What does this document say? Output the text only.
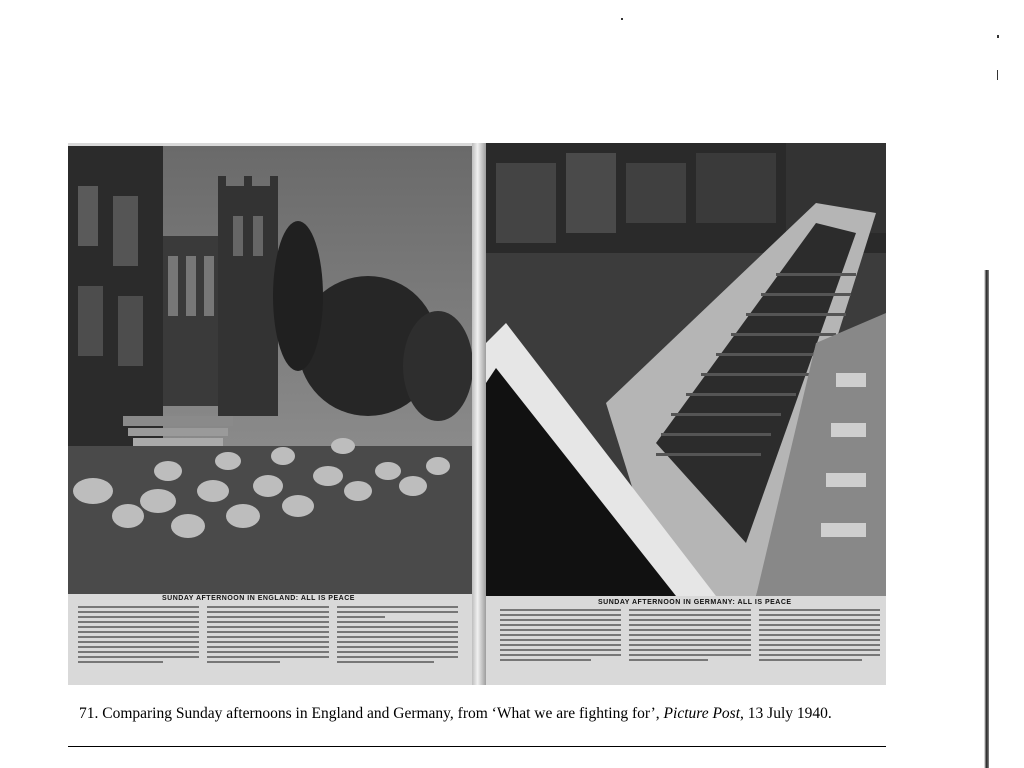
SUNDAY AFTERNOON IN ENGLAND: ALL IS PEACE
SUNDAY AFTERNOON IN GERMANY: ALL IS PEACE
71. Comparing Sunday afternoons in England and Germany, from ‘What we are fighting for’, Picture Post, 13 July 1940.
